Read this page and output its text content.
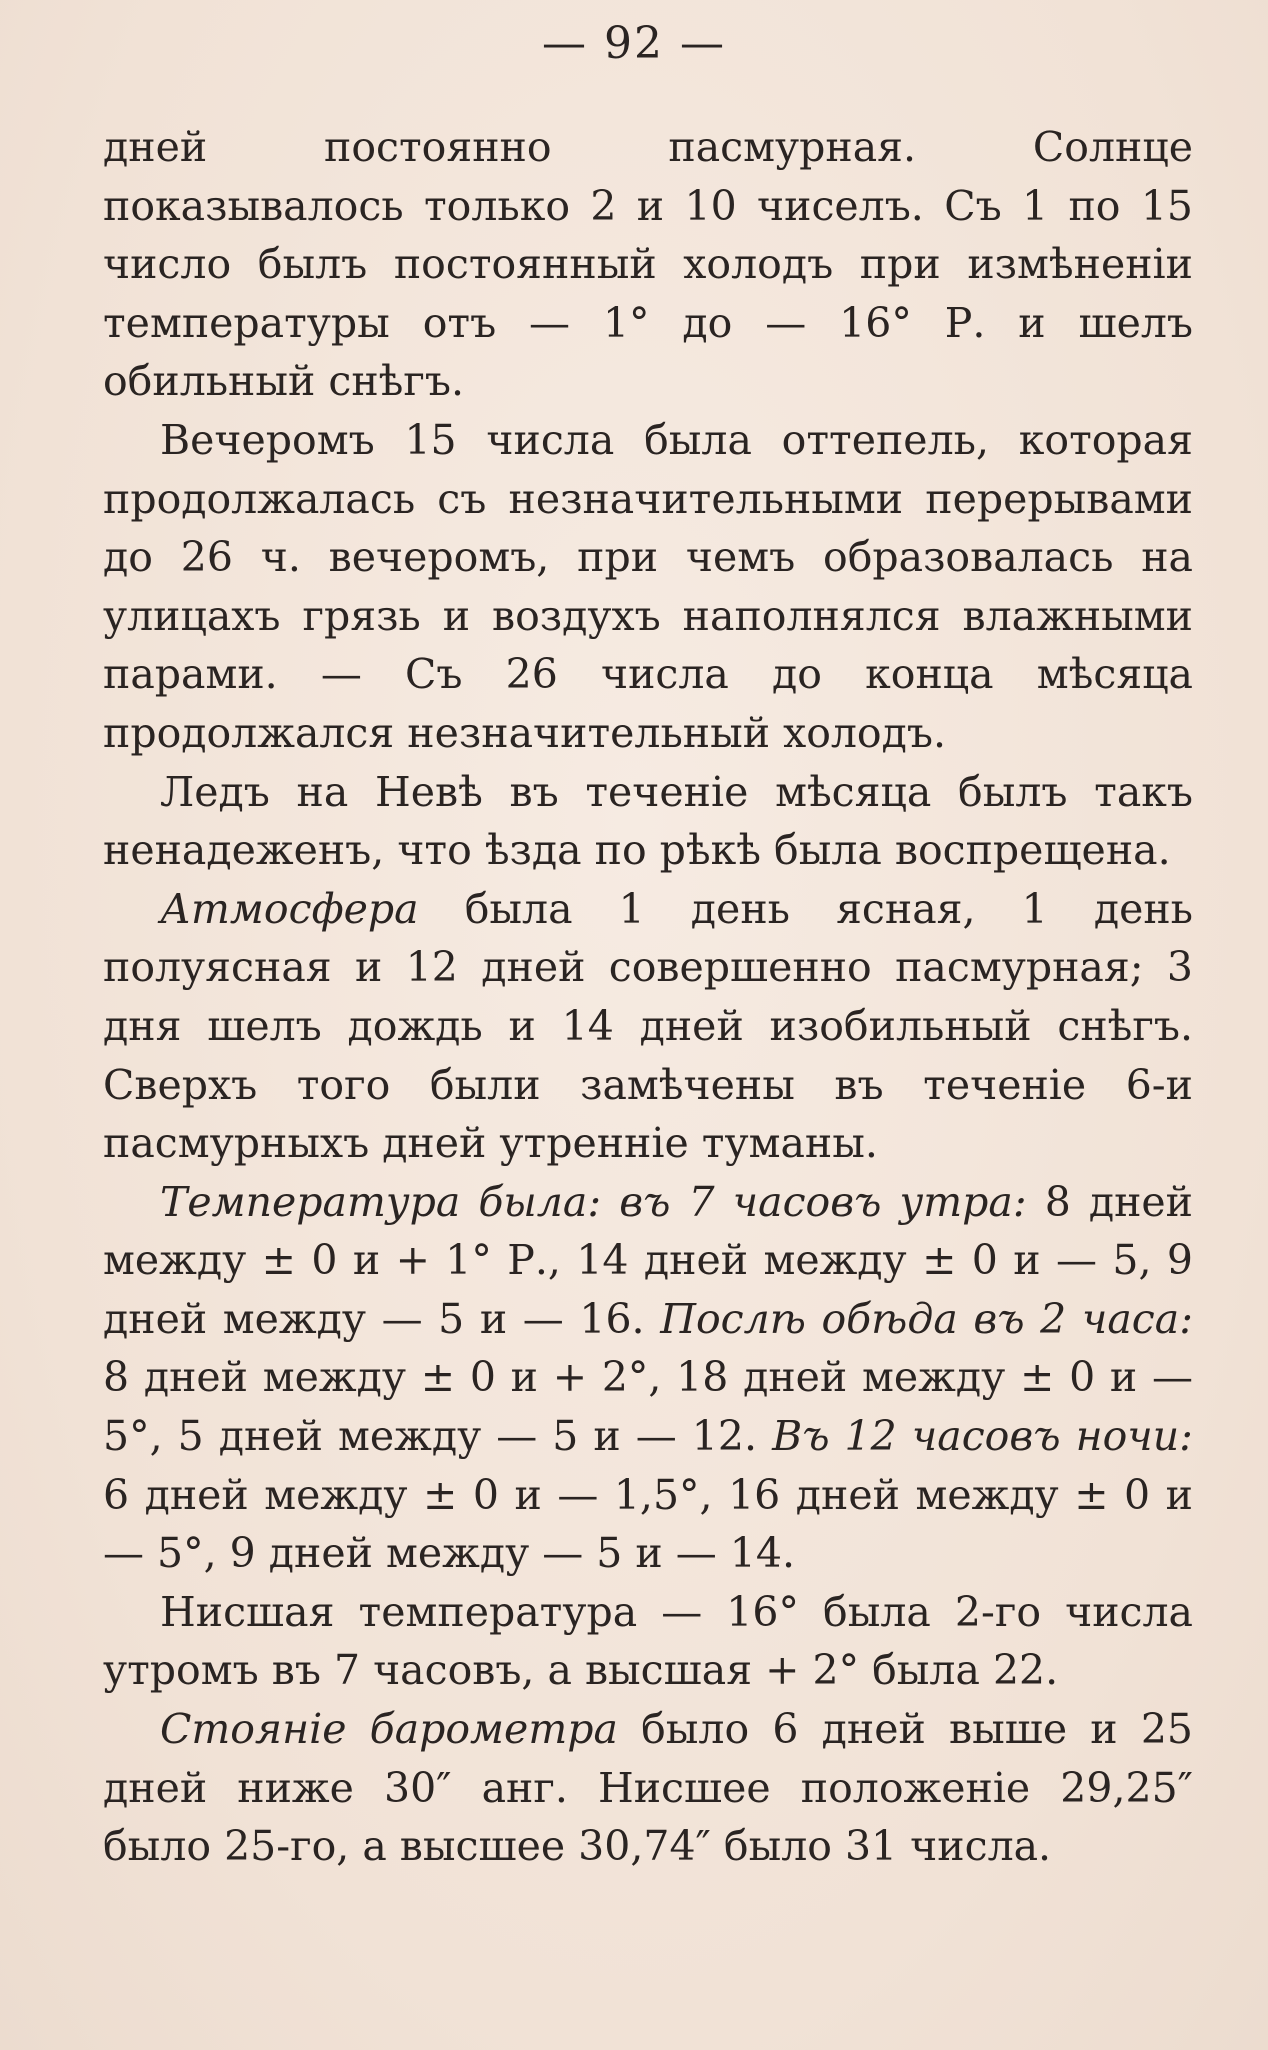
— 92 —

дней постоянно пасмурная. Солнце показывалось только 2 и 10 чиселъ. Съ 1 по 15 число былъ постоянный холодъ при измѣненіи температуры отъ — 1° до — 16° Р. и шелъ обильный снѣгъ.

Вечеромъ 15 числа была оттепель, которая продолжалась съ незначительными перерывами до 26 ч. вечеромъ, при чемъ образовалась на улицахъ грязь и воздухъ наполнялся влажными парами. — Съ 26 числа до конца мѣсяца продолжался незначительный холодъ.

Ледъ на Невѣ въ теченіе мѣсяца былъ такъ ненадеженъ, что ѣзда по рѣкѣ была воспрещена.

Атмосфера была 1 день ясная, 1 день полуясная и 12 дней совершенно пасмурная; 3 дня шелъ дождь и 14 дней изобильный снѣгъ. Сверхъ того были замѣчены въ теченіе 6-и пасмурныхъ дней утренніе туманы.

Температура была: въ 7 часовъ утра: 8 дней между ± 0 и + 1° Р., 14 дней между ± 0 и — 5, 9 дней между — 5 и — 16. Послѣ обѣда въ 2 часа: 8 дней между ± 0 и + 2°, 18 дней между ± 0 и — 5°, 5 дней между — 5 и — 12. Въ 12 часовъ ночи: 6 дней между ± 0 и — 1,5°, 16 дней между ± 0 и — 5°, 9 дней между — 5 и — 14.

Нисшая температура — 16° была 2-го числа утромъ въ 7 часовъ, а высшая + 2° была 22.

Стояніе барометра было 6 дней выше и 25 дней ниже 30″ анг. Нисшее положеніе 29,25″ было 25-го, а высшее 30,74″ было 31 числа.
